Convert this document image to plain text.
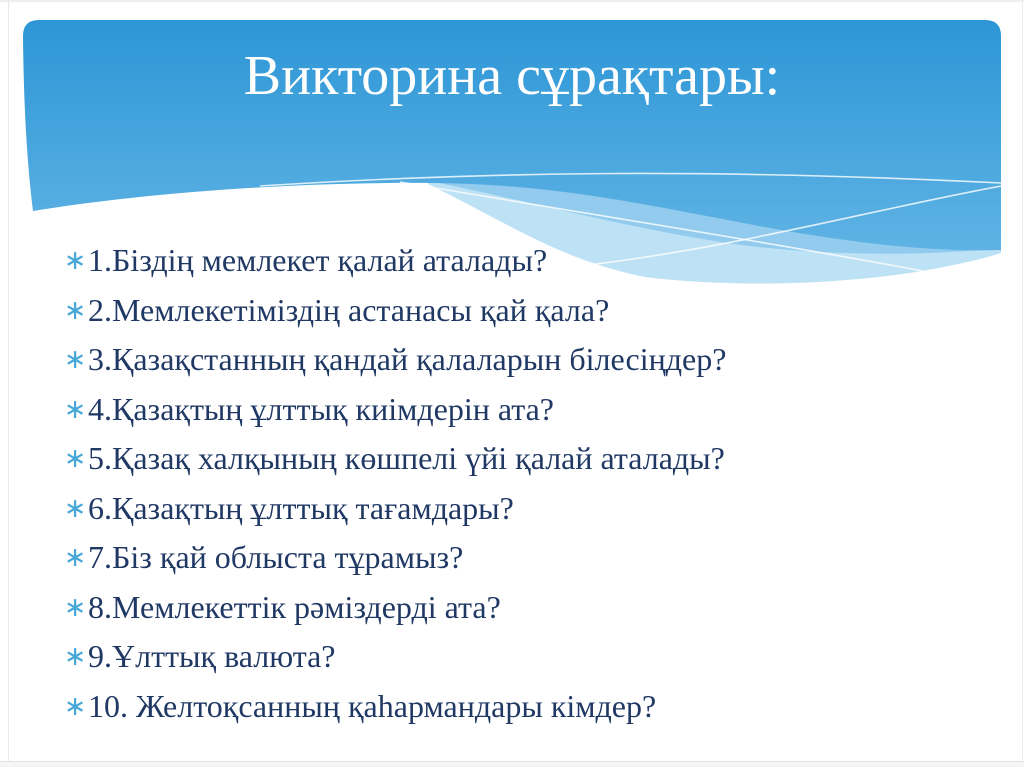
Викторина сұрақтары:
∗ 1.Біздің мемлекет қалай аталады?
∗ 2.Мемлекетіміздің астанасы қай қала?
∗ 3.Қазақстанның қандай қалаларын білесіңдер?
∗ 4.Қазақтың ұлттық киімдерін ата?
∗ 5.Қазақ халқының көшпелі үйі қалай аталады?
∗ 6.Қазақтың ұлттық тағамдары?
∗ 7.Біз қай облыста тұрамыз?
∗ 8.Мемлекеттік рәміздерді ата?
∗ 9.Ұлттық валюта?
∗ 10. Желтоқсанның қаһармандары кімдер?
